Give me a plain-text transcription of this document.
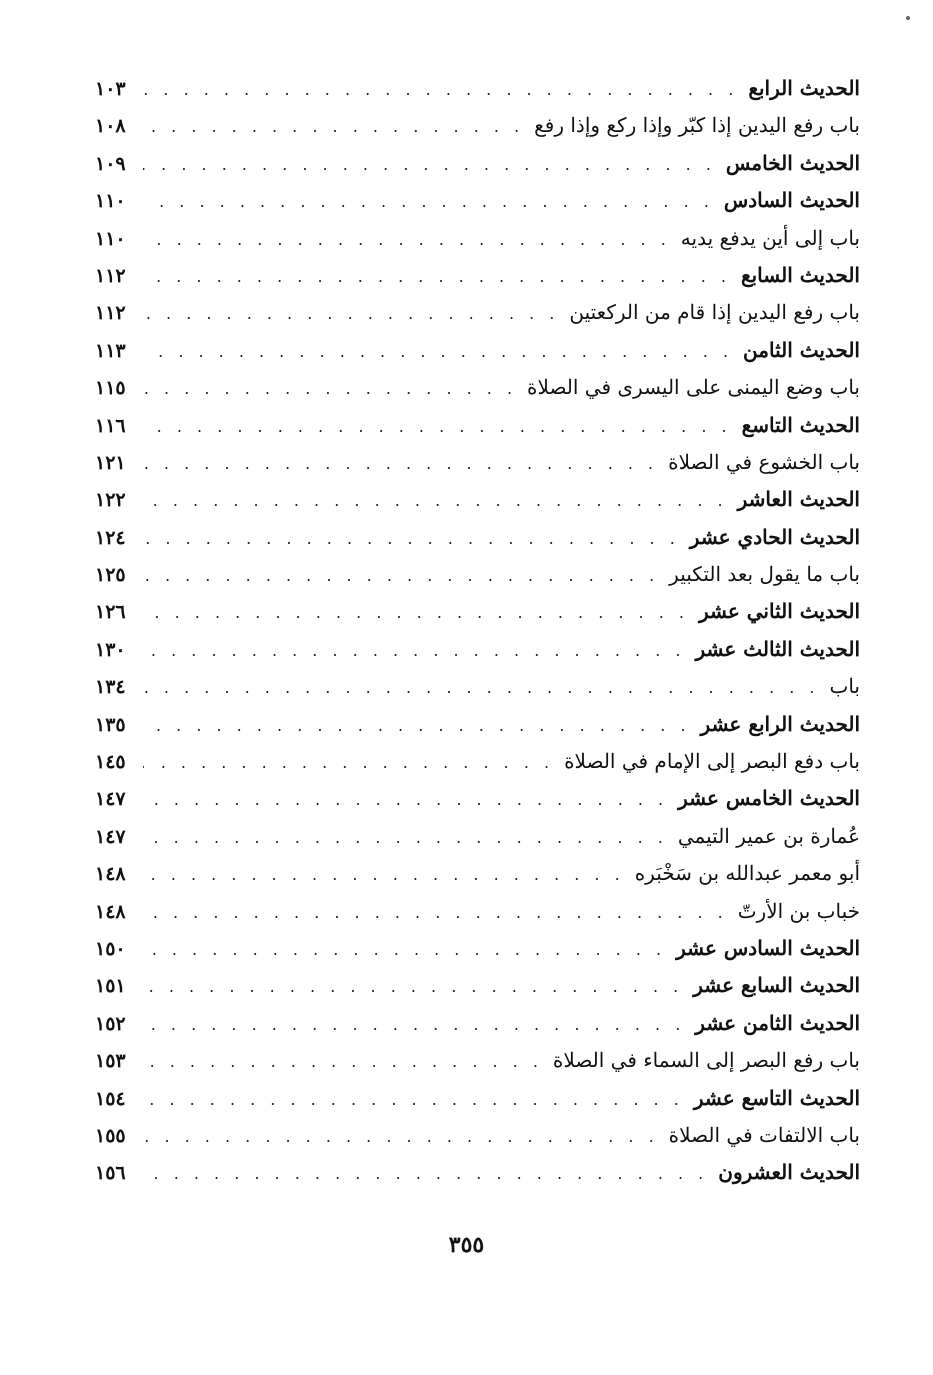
الحديث الرابع
. . .
١٠٣
باب رفع اليدين إذا كبّر وإذا ركع وإذا رفع
. . .
١٠٨
الحديث الخامس
. . .
١٠٩
الحديث السادس
. . .
١١٠
باب إلى أين يدفع يديه
. . .
١١٠
الحديث السابع
. . .
١١٢
باب رفع اليدين إذا قام من الركعتين
. . .
١١٢
الحديث الثامن
. . .
١١٣
باب وضع اليمنى على اليسرى في الصلاة
. . .
١١٥
الحديث التاسع
. . .
١١٦
باب الخشوع في الصلاة
. . .
١٢١
الحديث العاشر
. . .
١٢٢
الحديث الحادي عشر
. . .
١٢٤
باب ما يقول بعد التكبير
. . .
١٢٥
الحديث الثاني عشر
. . .
١٢٦
الحديث الثالث عشر
. . .
١٣٠
باب
. . .
١٣٤
الحديث الرابع عشر
. . .
١٣٥
باب دفع البصر إلى الإمام في الصلاة
. . .
١٤٥
الحديث الخامس عشر
. . .
١٤٧
عُمارة بن عمير التيمي
. . .
١٤٧
أبو معمر عبدالله بن سَخْبَره
. . .
١٤٨
خباب بن الأرتّ
. . .
١٤٨
الحديث السادس عشر
. . .
١٥٠
الحديث السابع عشر
. . .
١٥١
الحديث الثامن عشر
. . .
١٥٢
باب رفع البصر إلى السماء في الصلاة
. . .
١٥٣
الحديث التاسع عشر
. . .
١٥٤
باب الالتفات في الصلاة
. . .
١٥٥
الحديث العشرون
. . .
١٥٦
٣٥٥
